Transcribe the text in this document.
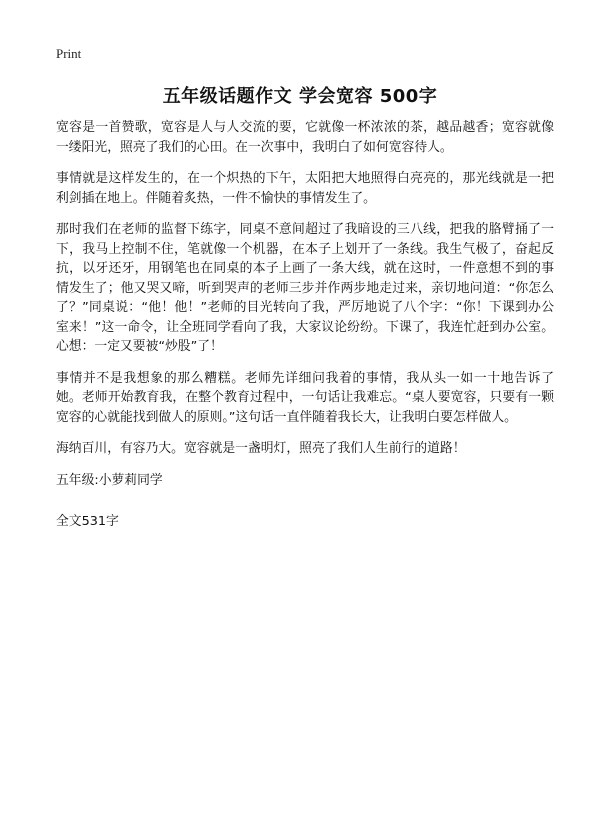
Print
五年级话题作文 学会宽容 500字

宽容是一首赞歌，宽容是人与人交流的要，它就像一杯浓浓的茶，越品越香；宽容就像一缕阳光，照亮了我们的心田。在一次事中，我明白了如何宽容待人。

事情就是这样发生的，在一个炽热的下午，太阳把大地照得白亮亮的，那光线就是一把利剑插在地上。伴随着炙热，一件不愉快的事情发生了。

那时我们在老师的监督下练字，同桌不意间超过了我暗设的三八线，把我的胳臂捅了一下，我马上控制不住，笔就像一个机器，在本子上划开了一条线。我生气极了，奋起反抗，以牙还牙，用钢笔也在同桌的本子上画了一条大线，就在这时，一件意想不到的事情发生了；他又哭又啼，听到哭声的老师三步并作两步地走过来，亲切地问道：“你怎么了？”同桌说：“他！他！”老师的目光转向了我，严厉地说了八个字：“你！下课到办公室来！”这一命令，让全班同学看向了我，大家议论纷纷。下课了，我连忙赶到办公室。心想：一定又要被“炒股”了！

事情并不是我想象的那么糟糕。老师先详细问我着的事情，我从头一如一十地告诉了她。老师开始教育我，在整个教育过程中，一句话让我难忘。“桌人要宽容，只要有一颗宽容的心就能找到做人的原则。”这句话一直伴随着我长大，让我明白要怎样做人。

海纳百川，有容乃大。宽容就是一盏明灯，照亮了我们人生前行的道路！

五年级:小萝莉同学

全文531字
